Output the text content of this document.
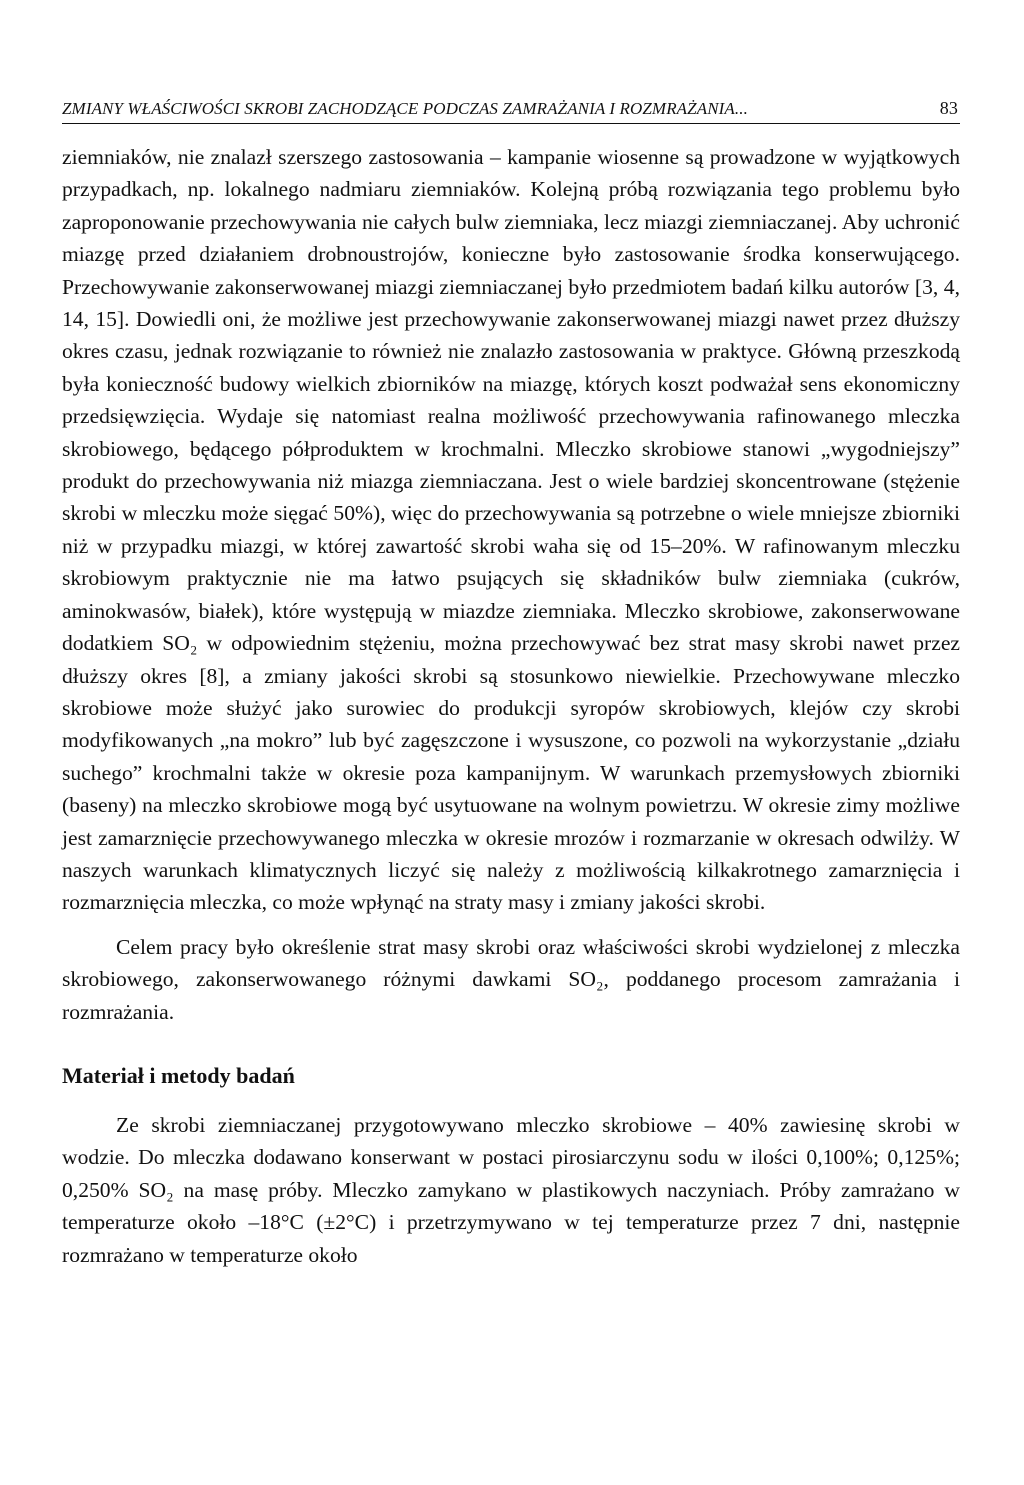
ZMIANY WŁAŚCIWOŚCI SKROBI ZACHODZĄCE PODCZAS ZAMRAŻANIA I ROZMRAŻANIA...	83

ziemniaków, nie znalazł szerszego zastosowania – kampanie wiosenne są prowadzone w wyjątkowych przypadkach, np. lokalnego nadmiaru ziemniaków. Kolejną próbą rozwiązania tego problemu było zaproponowanie przechowywania nie całych bulw ziemniaka, lecz miazgi ziemniaczanej. Aby uchronić miazgę przed działaniem drobnoustrojów, konieczne było zastosowanie środka konserwującego. Przechowywanie zakonserwowanej miazgi ziemniaczanej było przedmiotem badań kilku autorów [3, 4, 14, 15]. Dowiedli oni, że możliwe jest przechowywanie zakonserwowanej miazgi nawet przez dłuższy okres czasu, jednak rozwiązanie to również nie znalazło zastosowania w praktyce. Główną przeszkodą była konieczność budowy wielkich zbiorników na miazgę, których koszt podważał sens ekonomiczny przedsięwzięcia. Wydaje się natomiast realna możliwość przechowywania rafinowanego mleczka skrobiowego, będącego półproduktem w krochmalni. Mleczko skrobiowe stanowi „wygodniejszy” produkt do przechowywania niż miazga ziemniaczana. Jest o wiele bardziej skoncentrowane (stężenie skrobi w mleczku może sięgać 50%), więc do przechowywania są potrzebne o wiele mniejsze zbiorniki niż w przypadku miazgi, w której zawartość skrobi waha się od 15–20%. W rafinowanym mleczku skrobiowym praktycznie nie ma łatwo psujących się składników bulw ziemniaka (cukrów, aminokwasów, białek), które występują w miazdze ziemniaka. Mleczko skrobiowe, zakonserwowane dodatkiem SO₂ w odpowiednim stężeniu, można przechowywać bez strat masy skrobi nawet przez dłuższy okres [8], a zmiany jakości skrobi są stosunkowo niewielkie. Przechowywane mleczko skrobiowe może służyć jako surowiec do produkcji syropów skrobiowych, klejów czy skrobi modyfikowanych „na mokro” lub być zagęszczone i wysuszone, co pozwoli na wykorzystanie „działu suchego” krochmalni także w okresie poza kampanijnym. W warunkach przemysłowych zbiorniki (baseny) na mleczko skrobiowe mogą być usytuowane na wolnym powietrzu. W okresie zimy możliwe jest zamarznięcie przechowywanego mleczka w okresie mrozów i rozmarzanie w okresach odwilży. W naszych warunkach klimatycznych liczyć się należy z możliwością kilkakrotnego zamarznięcia i rozmarznięcia mleczka, co może wpłynąć na straty masy i zmiany jakości skrobi.

Celem pracy było określenie strat masy skrobi oraz właściwości skrobi wydzielonej z mleczka skrobiowego, zakonserwowanego różnymi dawkami SO₂, poddanego procesom zamrażania i rozmrażania.

Materiał i metody badań

Ze skrobi ziemniaczanej przygotowywano mleczko skrobiowe – 40% zawiesinę skrobi w wodzie. Do mleczka dodawano konserwant w postaci pirosiarczynu sodu w ilości 0,100%; 0,125%; 0,250% SO₂ na masę próby. Mleczko zamykano w plastikowych naczyniach. Próby zamrażano w temperaturze około –18°C (±2°C) i przetrzymywano w tej temperaturze przez 7 dni, następnie rozmrażano w temperaturze około
